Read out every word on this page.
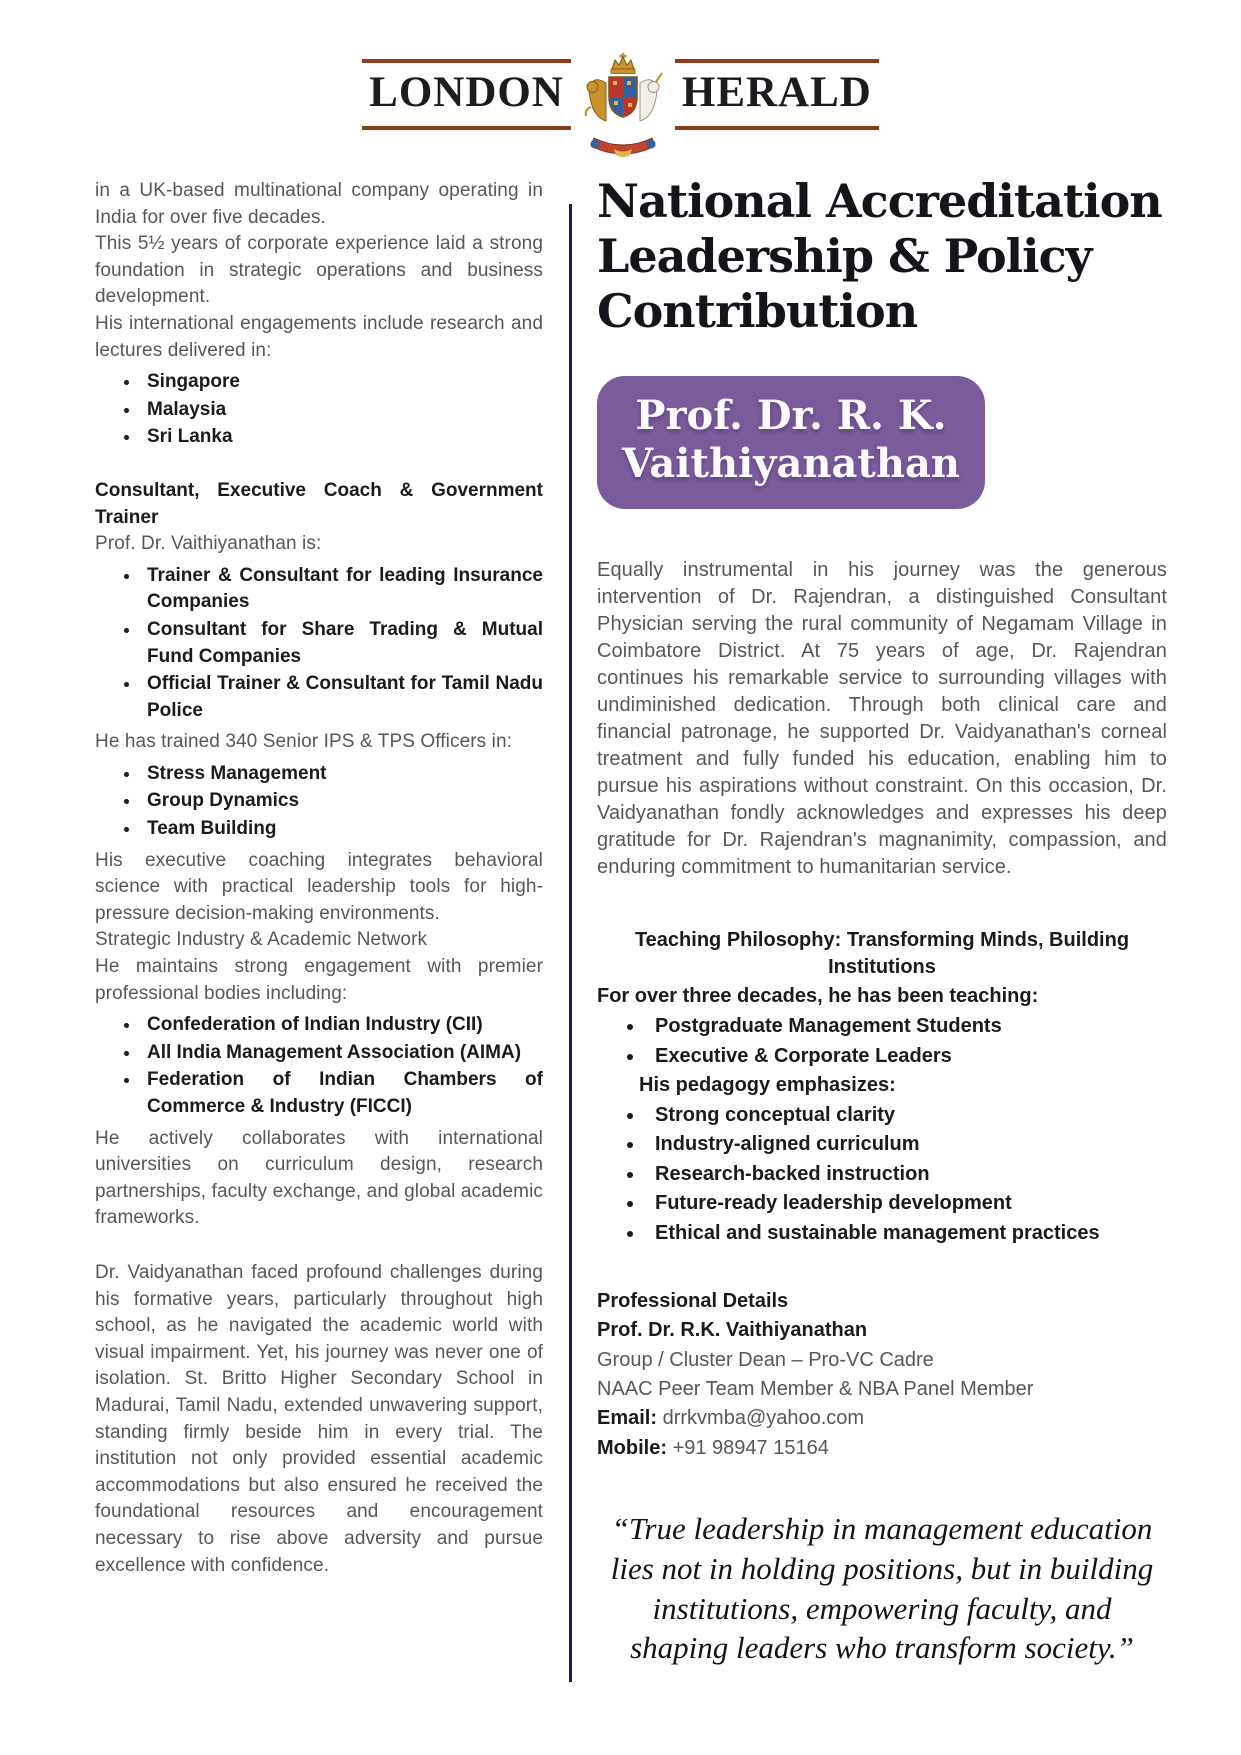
LONDON	HERALD

in a UK-based multinational company operating in India for over five decades.

This 5½ years of corporate experience laid a strong foundation in strategic operations and business development.

His international engagements include research and lectures delivered in:

• Singapore
• Malaysia
• Sri Lanka
Consultant, Executive Coach & Government Trainer

Prof. Dr. Vaithiyanathan is:

• Trainer & Consultant for leading Insurance Companies
• Consultant for Share Trading & Mutual Fund Companies
• Official Trainer & Consultant for Tamil Nadu Police

He has trained 340 Senior IPS & TPS Officers in:

• Stress Management
• Group Dynamics
• Team Building

His executive coaching integrates behavioral science with practical leadership tools for high-pressure decision-making environments.

Strategic Industry & Academic Network

He maintains strong engagement with premier professional bodies including:

• Confederation of Indian Industry (CII)
• All India Management Association (AIMA)
• Federation of Indian Chambers of Commerce & Industry (FICCI)

He actively collaborates with international universities on curriculum design, research partnerships, faculty exchange, and global academic frameworks.

Dr. Vaidyanathan faced profound challenges during his formative years, particularly throughout high school, as he navigated the academic world with visual impairment. Yet, his journey was never one of isolation. St. Britto Higher Secondary School in Madurai, Tamil Nadu, extended unwavering support, standing firmly beside him in every trial. The institution not only provided essential academic accommodations but also ensured he received the foundational resources and encouragement necessary to rise above adversity and pursue excellence with confidence.

National Accreditation Leadership & Policy Contribution
Prof. Dr. R. K. Vaithiyanathan

Equally instrumental in his journey was the generous intervention of Dr. Rajendran, a distinguished Consultant Physician serving the rural community of Negamam Village in Coimbatore District. At 75 years of age, Dr. Rajendran continues his remarkable service to surrounding villages with undiminished dedication. Through both clinical care and financial patronage, he supported Dr. Vaidyanathan's corneal treatment and fully funded his education, enabling him to pursue his aspirations without constraint. On this occasion, Dr. Vaidyanathan fondly acknowledges and expresses his deep gratitude for Dr. Rajendran's magnanimity, compassion, and enduring commitment to humanitarian service.

Teaching Philosophy: Transforming Minds, Building Institutions

For over three decades, he has been teaching:

• Postgraduate Management Students
• Executive & Corporate Leaders

His pedagogy emphasizes:

• Strong conceptual clarity
• Industry-aligned curriculum
• Research-backed instruction
• Future-ready leadership development
• Ethical and sustainable management practices

Professional Details

Prof. Dr. R.K. Vaithiyanathan

Group / Cluster Dean – Pro-VC Cadre

NAAC Peer Team Member & NBA Panel Member

Email: drrkvmba@yahoo.com

Mobile: +91 98947 15164

“True leadership in management education lies not in holding positions, but in building institutions, empowering faculty, and shaping leaders who transform society.”
